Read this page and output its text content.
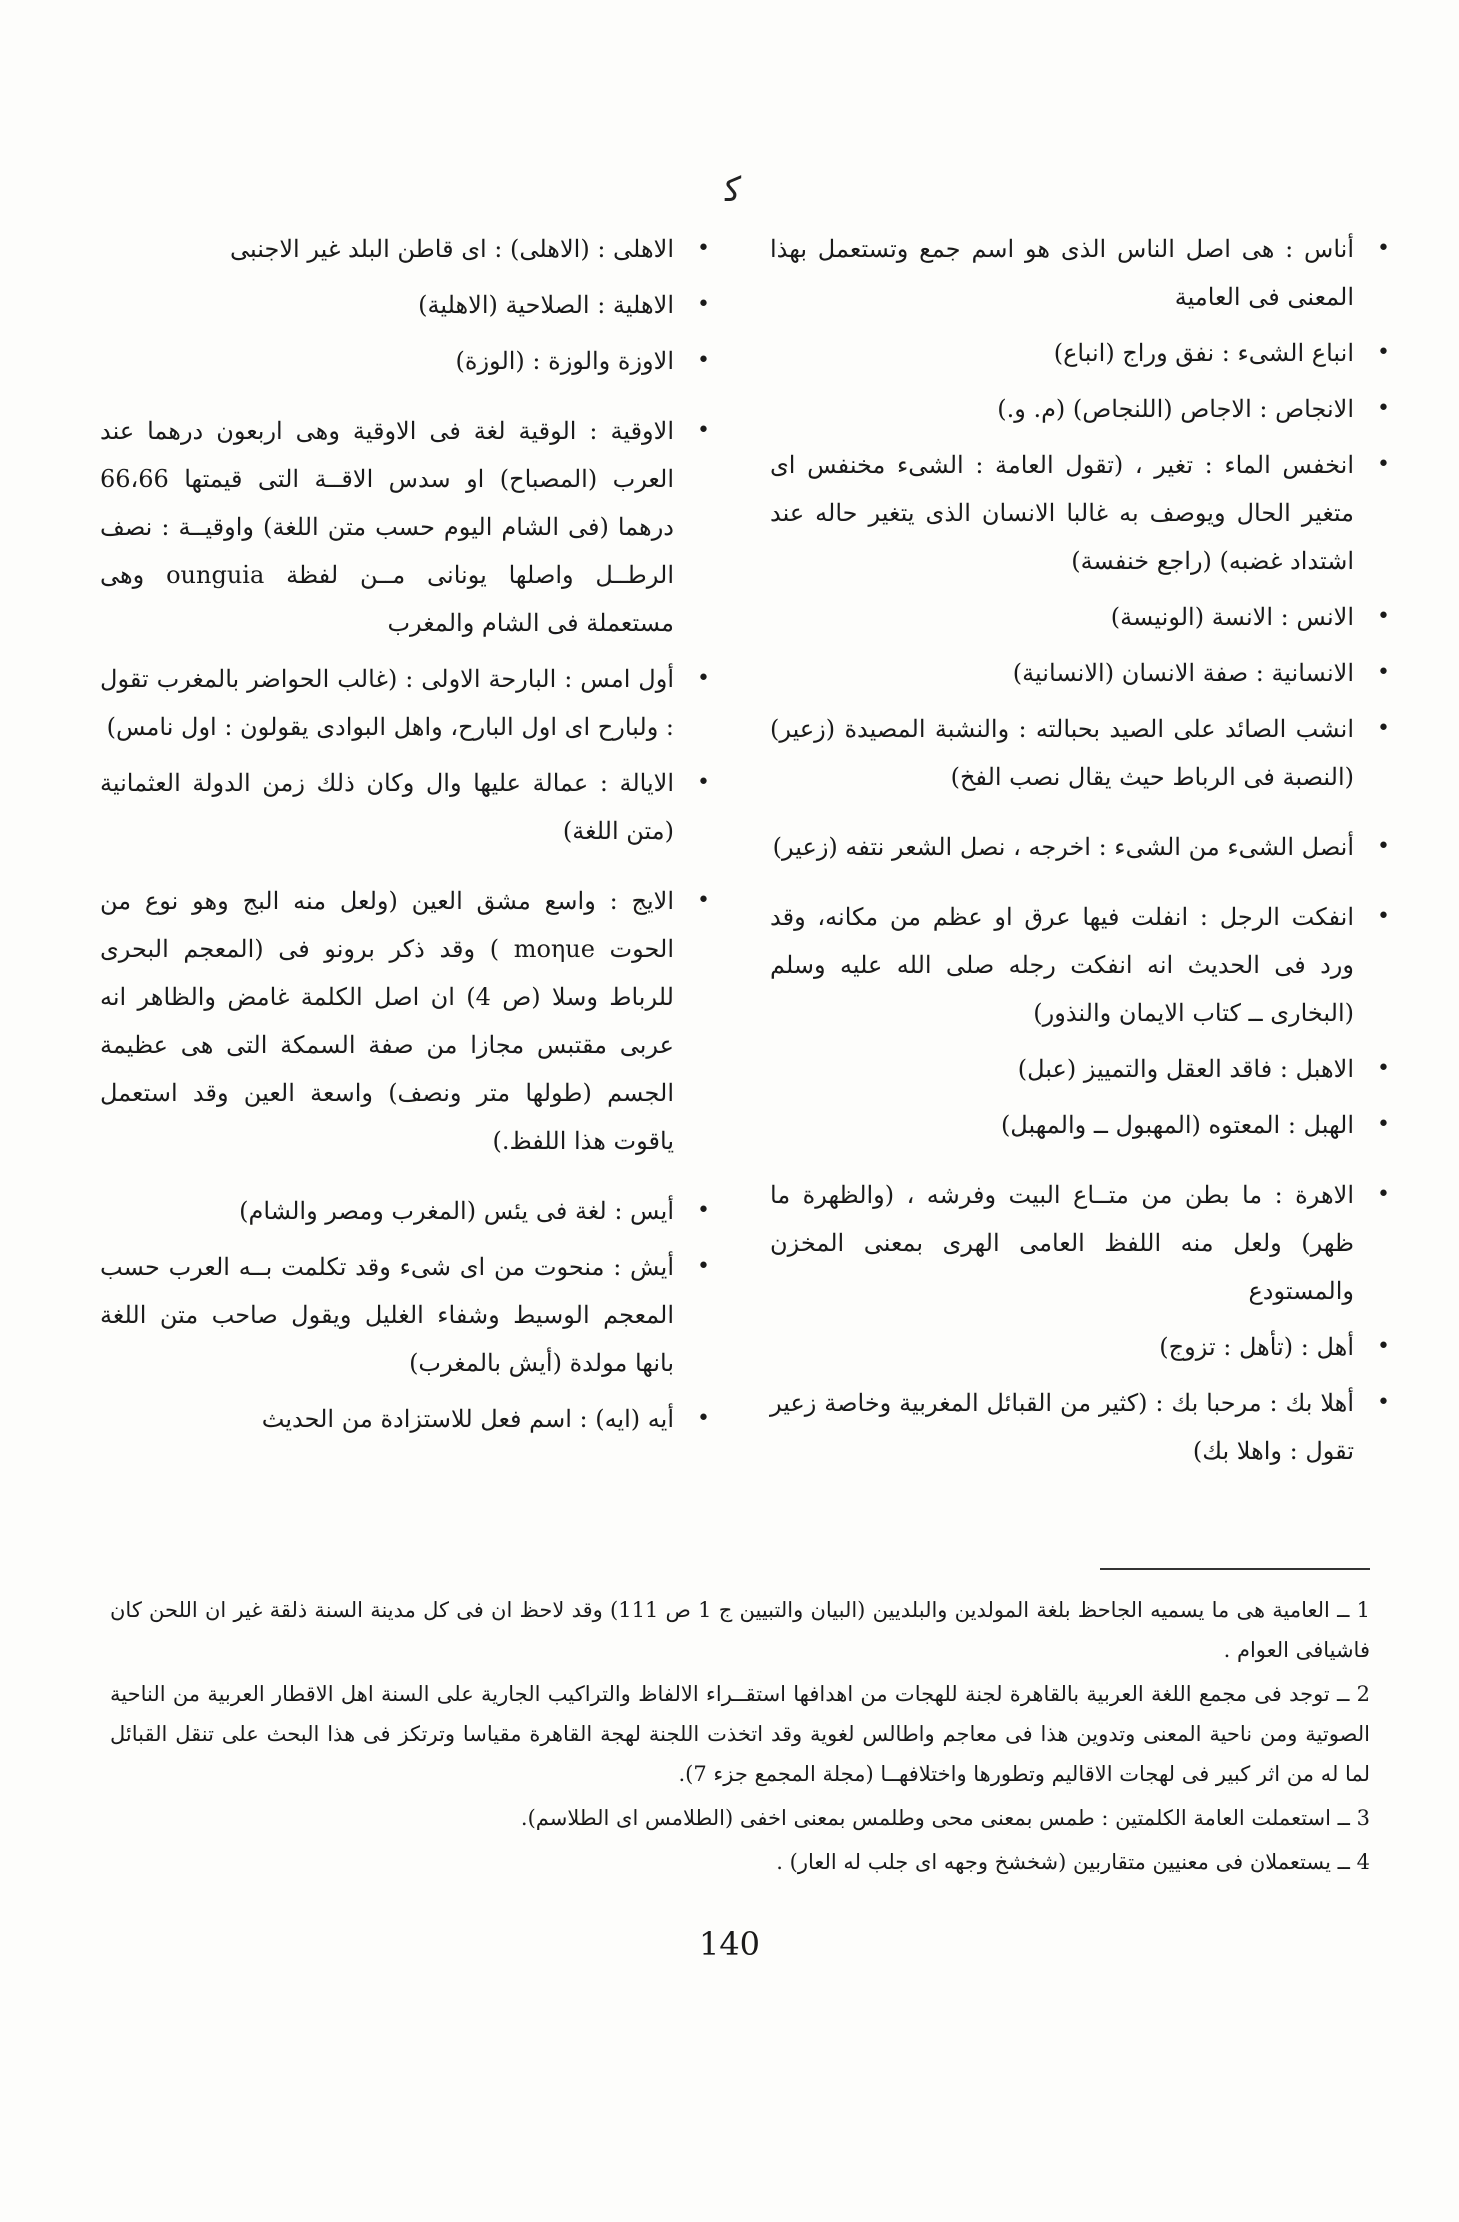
ﮐ

•
أناس : هى اصل الناس الذى هو اسم جمع وتستعمل بهذا المعنى فى العامية

•
انباع الشىء : نفق وراج (انباع)

•
الانجاص : الاجاص (اللنجاص) (م. و.)

•
انخفس الماء : تغير ، (تقول العامة : الشىء مخنفس اى متغير الحال ويوصف به غالبا الانسان الذى يتغير حاله عند اشتداد غضبه) (راجع خنفسة)

•
الانس : الانسة (الونيسة)

•
الانسانية : صفة الانسان (الانسانية)

•
انشب الصائد على الصيد بحبالته : والنشبة المصيدة (زعير) (النصبة فى الرباط حيث يقال نصب الفخ)

•
أنصل الشىء من الشىء : اخرجه ، نصل الشعر نتفه (زعير)

•
انفكت الرجل : انفلت فيها عرق او عظم من مكانه، وقد ورد فى الحديث انه انفكت رجله صلى الله عليه وسلم (البخارى ــ كتاب الايمان والنذور)

•
الاهبل : فاقد العقل والتمييز (عبل)

•
الهبل : المعتوه (المهبول ــ والمهبل)

•
الاهرة : ما بطن من متــاع البيت وفرشه ، (والظهرة ما ظهر) ولعل منه اللفظ العامى الهرى بمعنى المخزن والمستودع

•
أهل : (تأهل : تزوج)

•
أهلا بك : مرحبا بك : (كثير من القبائل المغربية وخاصة زعير تقول : واهلا بك)

•
الاهلى : (الاهلى) : اى قاطن البلد غير الاجنبى

•
الاهلية : الصلاحية (الاهلية)

•
الاوزة والوزة : (الوزة)

•
الاوقية : الوقية لغة فى الاوقية وهى اربعون درهما عند العرب (المصباح) او سدس الاقــة التى قيمتها 66،66 درهما (فى الشام اليوم حسب متن اللغة) واوقيــة : نصف الرطــل واصلها يونانى مــن لفظة ounguia وهى مستعملة فى الشام والمغرب

•
أول امس : البارحة الاولى : (غالب الحواضر بالمغرب تقول : ولبارح اى اول البارح، واهل البوادى يقولون : اول نامس)

•
الايالة : عمالة عليها وال وكان ذلك زمن الدولة العثمانية (متن اللغة)

•
الايج : واسع مشق العين (ولعل منه البج وهو نوع من الحوت moηue ) وقد ذكر برونو فى (المعجم البحرى للرباط وسلا (ص 4) ان اصل الكلمة غامض والظاهر انه عربى مقتبس مجازا من صفة السمكة التى هى عظيمة الجسم (طولها متر ونصف) واسعة العين وقد استعمل ياقوت هذا اللفظ.)

•
أيس : لغة فى يئس (المغرب ومصر والشام)

•
أيش : منحوت من اى شىء وقد تكلمت بــه العرب حسب المعجم الوسيط وشفاء الغليل ويقول صاحب متن اللغة بانها مولدة (أيش بالمغرب)

•
أيه (ايه) : اسم فعل للاستزادة من الحديث

1 ــ العامية هى ما يسميه الجاحظ بلغة المولدين والبلديين (البيان والتبيين ج 1 ص 111) وقد لاحظ ان فى كل مدينة السنة ذلقة غير ان اللحن كان فاشيافى العوام .

2 ــ توجد فى مجمع اللغة العربية بالقاهرة لجنة للهجات من اهدافها استقــراء الالفاظ والتراكيب الجارية على السنة اهل الاقطار العربية من الناحية الصوتية ومن ناحية المعنى وتدوين هذا فى معاجم واطالس لغوية وقد اتخذت اللجنة لهجة القاهرة مقياسا وترتكز فى هذا البحث على تنقل القبائل لما له من اثر كبير فى لهجات الاقاليم وتطورها واختلافهــا (مجلة المجمع جزء 7).

3 ــ استعملت العامة الكلمتين : طمس بمعنى محى وطلمس بمعنى اخفى (الطلامس اى الطلاسم).

4 ــ يستعملان فى معنيين متقاربين (شخشخ وجهه اى جلب له العار) .

140
